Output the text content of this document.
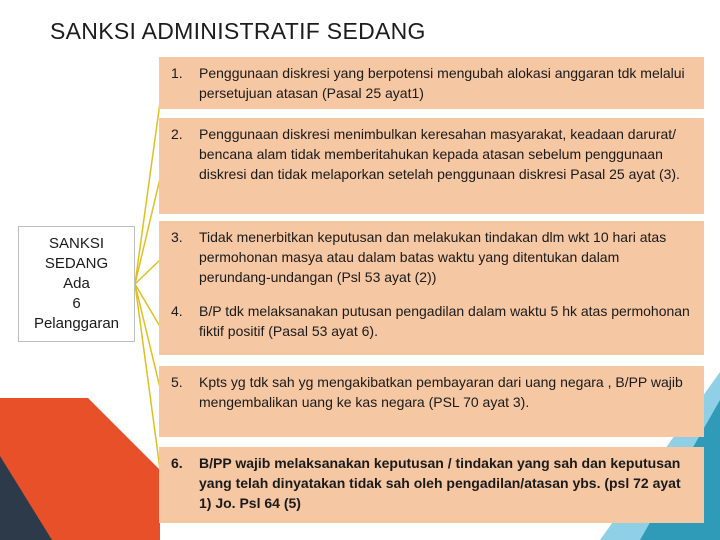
SANKSI ADMINISTRATIF SEDANG
SANKSI
SEDANG
Ada
6
Pelanggaran
1.	Penggunaan diskresi yang berpotensi mengubah alokasi anggaran tdk melalui persetujuan atasan (Pasal 25 ayat1)
2.	Penggunaan diskresi menimbulkan keresahan masyarakat, keadaan darurat/ bencana alam tidak memberitahukan kepada atasan sebelum penggunaan diskresi dan tidak melaporkan setelah penggunaan diskresi Pasal 25 ayat (3).
3.	Tidak menerbitkan keputusan dan melakukan tindakan dlm wkt 10 hari atas permohonan masya atau dalam batas waktu yang ditentukan dalam perundang-undangan (Psl 53 ayat (2))
4.	B/P tdk melaksanakan putusan pengadilan dalam waktu 5 hk atas permohonan fiktif positif (Pasal 53 ayat 6).
5.	Kpts yg tdk sah yg mengakibatkan pembayaran dari uang negara , B/PP wajib mengembalikan uang ke kas negara (PSL 70 ayat 3).
6.	B/PP wajib melaksanakan keputusan / tindakan yang sah dan keputusan yang telah dinyatakan tidak sah oleh pengadilan/atasan ybs. (psl 72 ayat 1) Jo. Psl 64 (5)
